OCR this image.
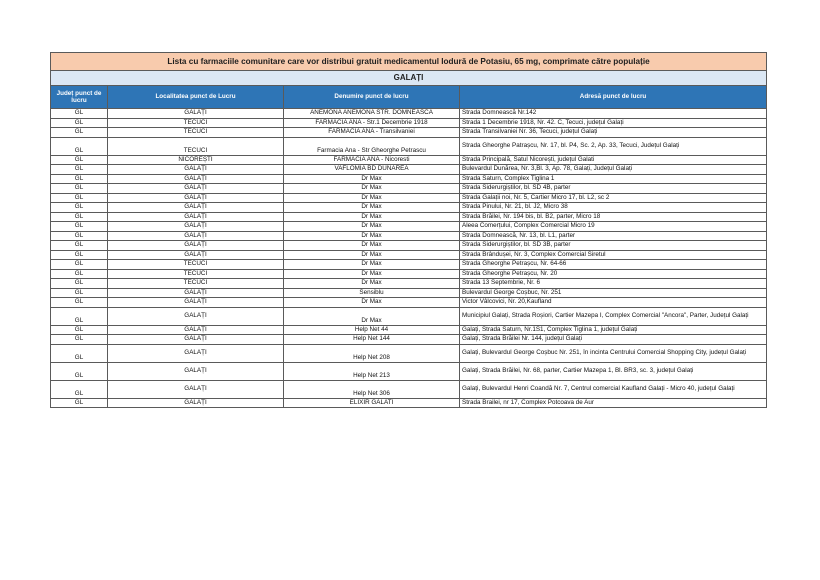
Lista cu farmaciile comunitare care vor distribui gratuit medicamentul Iodură de Potasiu, 65 mg, comprimate către populație			
GALAȚI			
Județ punct de lucru	Localitatea punct de Lucru	Denumire punct de lucru	Adresă punct de lucru
GL	GALAȚI	ANEMONA ANEMONA STR. DOMNEASCA	Strada Domnească Nr.142
GL	TECUCI	FARMACIA ANA - Str.1 Decembrie 1918	Strada 1 Decembrie 1918, Nr. 42. C, Tecuci, județul Galați
GL	TECUCI	FARMACIA ANA - Transilvaniei	Strada Transilvaniei Nr. 36, Tecuci, județul Galați
GL	TECUCI	Farmacia Ana - Str Gheorghe Petrascu	Strada Gheorghe Patrașcu, Nr. 17, bl. P4, Sc. 2, Ap. 33, Tecuci, Județul Galați
GL	NICOREȘTI	FARMACIA ANA - Nicoresti	Strada Principală, Satul Nicorești, județul Galati
GL	GALAȚI	VAFLOMIA BD DUNAREA	Bulevardul Dunărea, Nr. 3,Bl. 3, Ap. 78, Galați, Județul Galați
GL	GALAȚI	Dr Max	Strada Saturn, Complex Tiglina 1
GL	GALAȚI	Dr Max	Strada Siderurgiștilor, bl. SD 4B, parter
GL	GALAȚI	Dr Max	Strada Galații noi, Nr. 5, Cartier Micro 17, bl. L2, sc 2
GL	GALAȚI	Dr Max	Strada Pinului, Nr. 21, bl. J2, Micro 38
GL	GALAȚI	Dr Max	Strada Brăilei, Nr. 194 bis, bl. B2, parter, Micro 18
GL	GALAȚI	Dr Max	Aleea Comerțului, Complex Comercial Micro 19
GL	GALAȚI	Dr Max	Strada Domnească, Nr. 13, bl. L1, parter
GL	GALAȚI	Dr Max	Strada Siderurgiștilor, bl. SD 3B, parter
GL	GALAȚI	Dr Max	Strada Brândușei, Nr. 3, Complex Comercial Siretul
GL	TECUCI	Dr Max	Strada Gheorghe Petrașcu, Nr. 64-66
GL	TECUCI	Dr Max	Strada Gheorghe Petrașcu, Nr. 20
GL	TECUCI	Dr Max	Strada 13 Septembrie, Nr. 6
GL	GALAȚI	Sensiblu	Bulevardul George Coșbuc, Nr. 251
GL	GALAȚI	Dr Max	Victor Vâlcovici, Nr. 20,Kaufland
GL	GALAȚI	Dr Max	Municipiul Galați, Strada Roșiori, Cartier Mazepa I, Complex Comercial "Ancora", Parter, Județul Galați
GL	GALAȚI	Help Net 44	Galați, Strada Saturn, Nr.1S1, Complex Tiglina 1, județul Galați
GL	GALAȚI	Help Net 144	Galați, Strada Brăilei Nr. 144, județul Galați
GL	GALAȚI	Help Net 208	Galați, Bulevardul George Coșbuc Nr. 251, în incinta Centrului Comercial Shopping City, județul Galați
GL	GALAȚI	Help Net 213	Galați, Strada Brăilei, Nr. 68, parter, Cartier Mazepa 1, Bl. BR3, sc. 3, județul Galați
GL	GALAȚI	Help Net 306	Galați, Bulevardul Henri Coandă Nr. 7, Centrul comercial Kaufland Galați - Micro 40, județul Galați
GL	GALAȚI	ELIXIR GALATI	Strada Brailei, nr 17, Complex Potcoava de Aur
